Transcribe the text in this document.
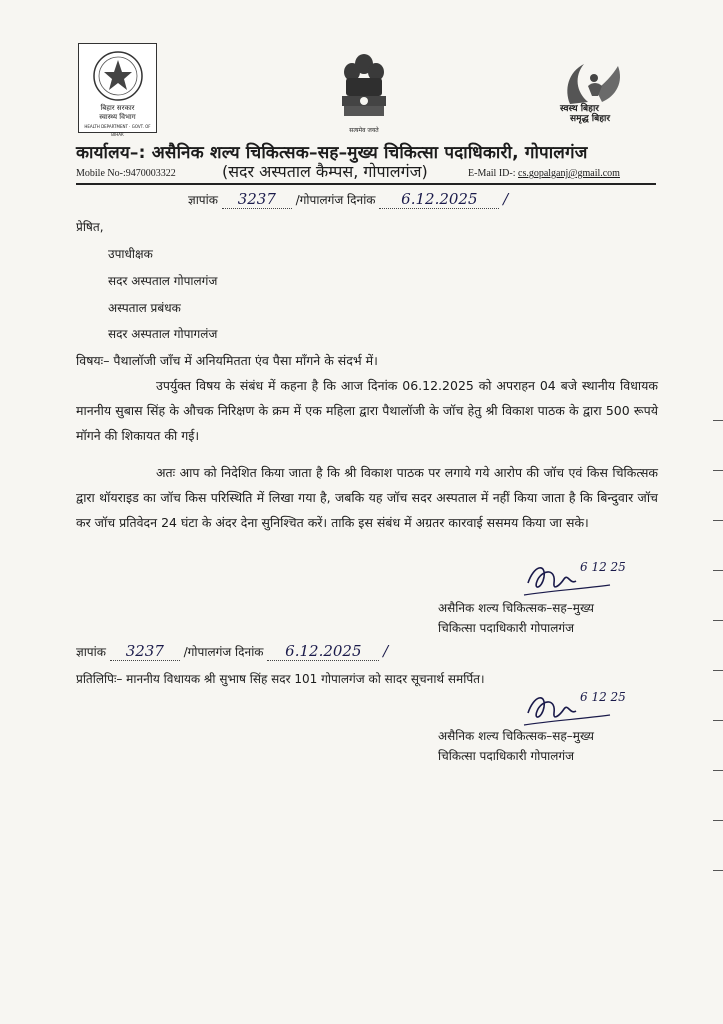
बिहार सरकार
स्वास्थ्य विभाग
HEALTH DEPARTMENT · GOVT. OF BIHAR
सत्यमेव जयते
स्वस्थ बिहार
समृद्ध बिहार
कार्यालय–: असैनिक शल्य चिकित्सक–सह–मुख्य चिकित्सा पदाधिकारी, गोपालगंज
Mobile No-:9470003322	(सदर अस्पताल कैम्पस, गोपालगंज)	E-Mail ID-: cs.gopalganj@gmail.com
ज्ञापांक 3237 /गोपालगंज दिनांक 6.12.2025 /
प्रेषित,
उपाधीक्षक
सदर अस्पताल गोपालगंज
अस्पताल प्रबंधक
सदर अस्पताल गोपागलंज
विषयः– पैथालॉजी जाँच में अनियमितता एंव पैसा माँगने के संदर्भ में।
उपर्युक्त विषय के संबंध में कहना है कि आज दिनांक 06.12.2025 को अपराहन 04 बजे स्थानीय विधायक माननीय सुबास सिंह के औचक निरिक्षण के क्रम में एक महिला द्वारा पैथालॉजी के जॉच हेतु श्री विकाश पाठक के द्वारा 500 रूपये मॉगने की शिकायत की गई।
अतः आप को निदेशित किया जाता है कि श्री विकाश पाठक पर लगाये गये आरोप की जॉच एवं किस चिकित्सक द्वारा थॉयराइड का जॉच किस परिस्थिति में लिखा गया है, जबकि यह जॉच सदर अस्पताल में नहीं किया जाता है कि बिन्दुवार जॉच कर जॉच प्रतिवेदन 24 घंटा के अंदर देना सुनिश्चित करें। ताकि इस संबंध में अग्रतर कारवाई ससमय किया जा सके।
6 12 25
असैनिक शल्य चिकित्सक–सह–मुख्य
चिकित्सा पदाधिकारी गोपालगंज
ज्ञापांक 3237 /गोपालगंज दिनांक 6.12.2025 /
प्रतिलिपिः– माननीय विधायक श्री सुभाष सिंह सदर 101 गोपालगंज को सादर सूचनार्थ समर्पित।
6 12 25
असैनिक शल्य चिकित्सक–सह–मुख्य
चिकित्सा पदाधिकारी गोपालगंज
